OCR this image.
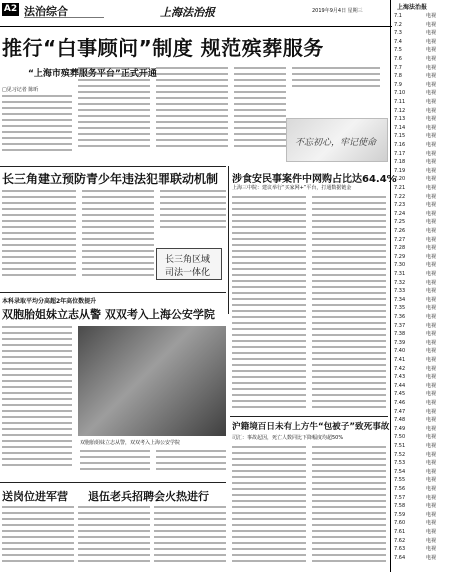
A2 法治综合	上海法治报	2019年9月4日 星期三
推行“白事顾问”制度 规范殡葬服务
“上海市殡葬服务平台”正式开通
□见习记者 陈昕
不忘初心，牢记使命
长三角建立预防青少年违法犯罪联动机制
长三角区域
司法一体化
涉食安民事案件中网购占比达64.4%
上海三中院：建议举行“买家网+”平台，打通数据链金
本科录取平均分高超2年高位数提升
双胞胎姐妹立志从警 双双考入上海公安学院
双胞胎姐妹立志从警，双双考入上海公安学院
送岗位进军营 退伍老兵招聘会火热进行
沪籍境百日未有上方牛“包被子”致死事故
司汇：事故起因，死亡人数同比下降幅度均超50%
上海法治报
7.1	电视
7.2	电视
7.3	电视
7.4	电视
7.5	电视
7.6	电视
7.7	电视
7.8	电视
7.9	电视
7.10	电视
7.11	电视
7.12	电视
7.13	电视
7.14	电视
7.15	电视
7.16	电视
7.17	电视
7.18	电视
7.19	电视
7.20	电视
7.21	电视
7.22	电视
7.23	电视
7.24	电视
7.25	电视
7.26	电视
7.27	电视
7.28	电视
7.29	电视
7.30	电视
7.31	电视
7.32	电视
7.33	电视
7.34	电视
7.35	电视
7.36	电视
7.37	电视
7.38	电视
7.39	电视
7.40	电视
7.41	电视
7.42	电视
7.43	电视
7.44	电视
7.45	电视
7.46	电视
7.47	电视
7.48	电视
7.49	电视
7.50	电视
7.51	电视
7.52	电视
7.53	电视
7.54	电视
7.55	电视
7.56	电视
7.57	电视
7.58	电视
7.59	电视
7.60	电视
7.61	电视
7.62	电视
7.63	电视
7.64	电视
